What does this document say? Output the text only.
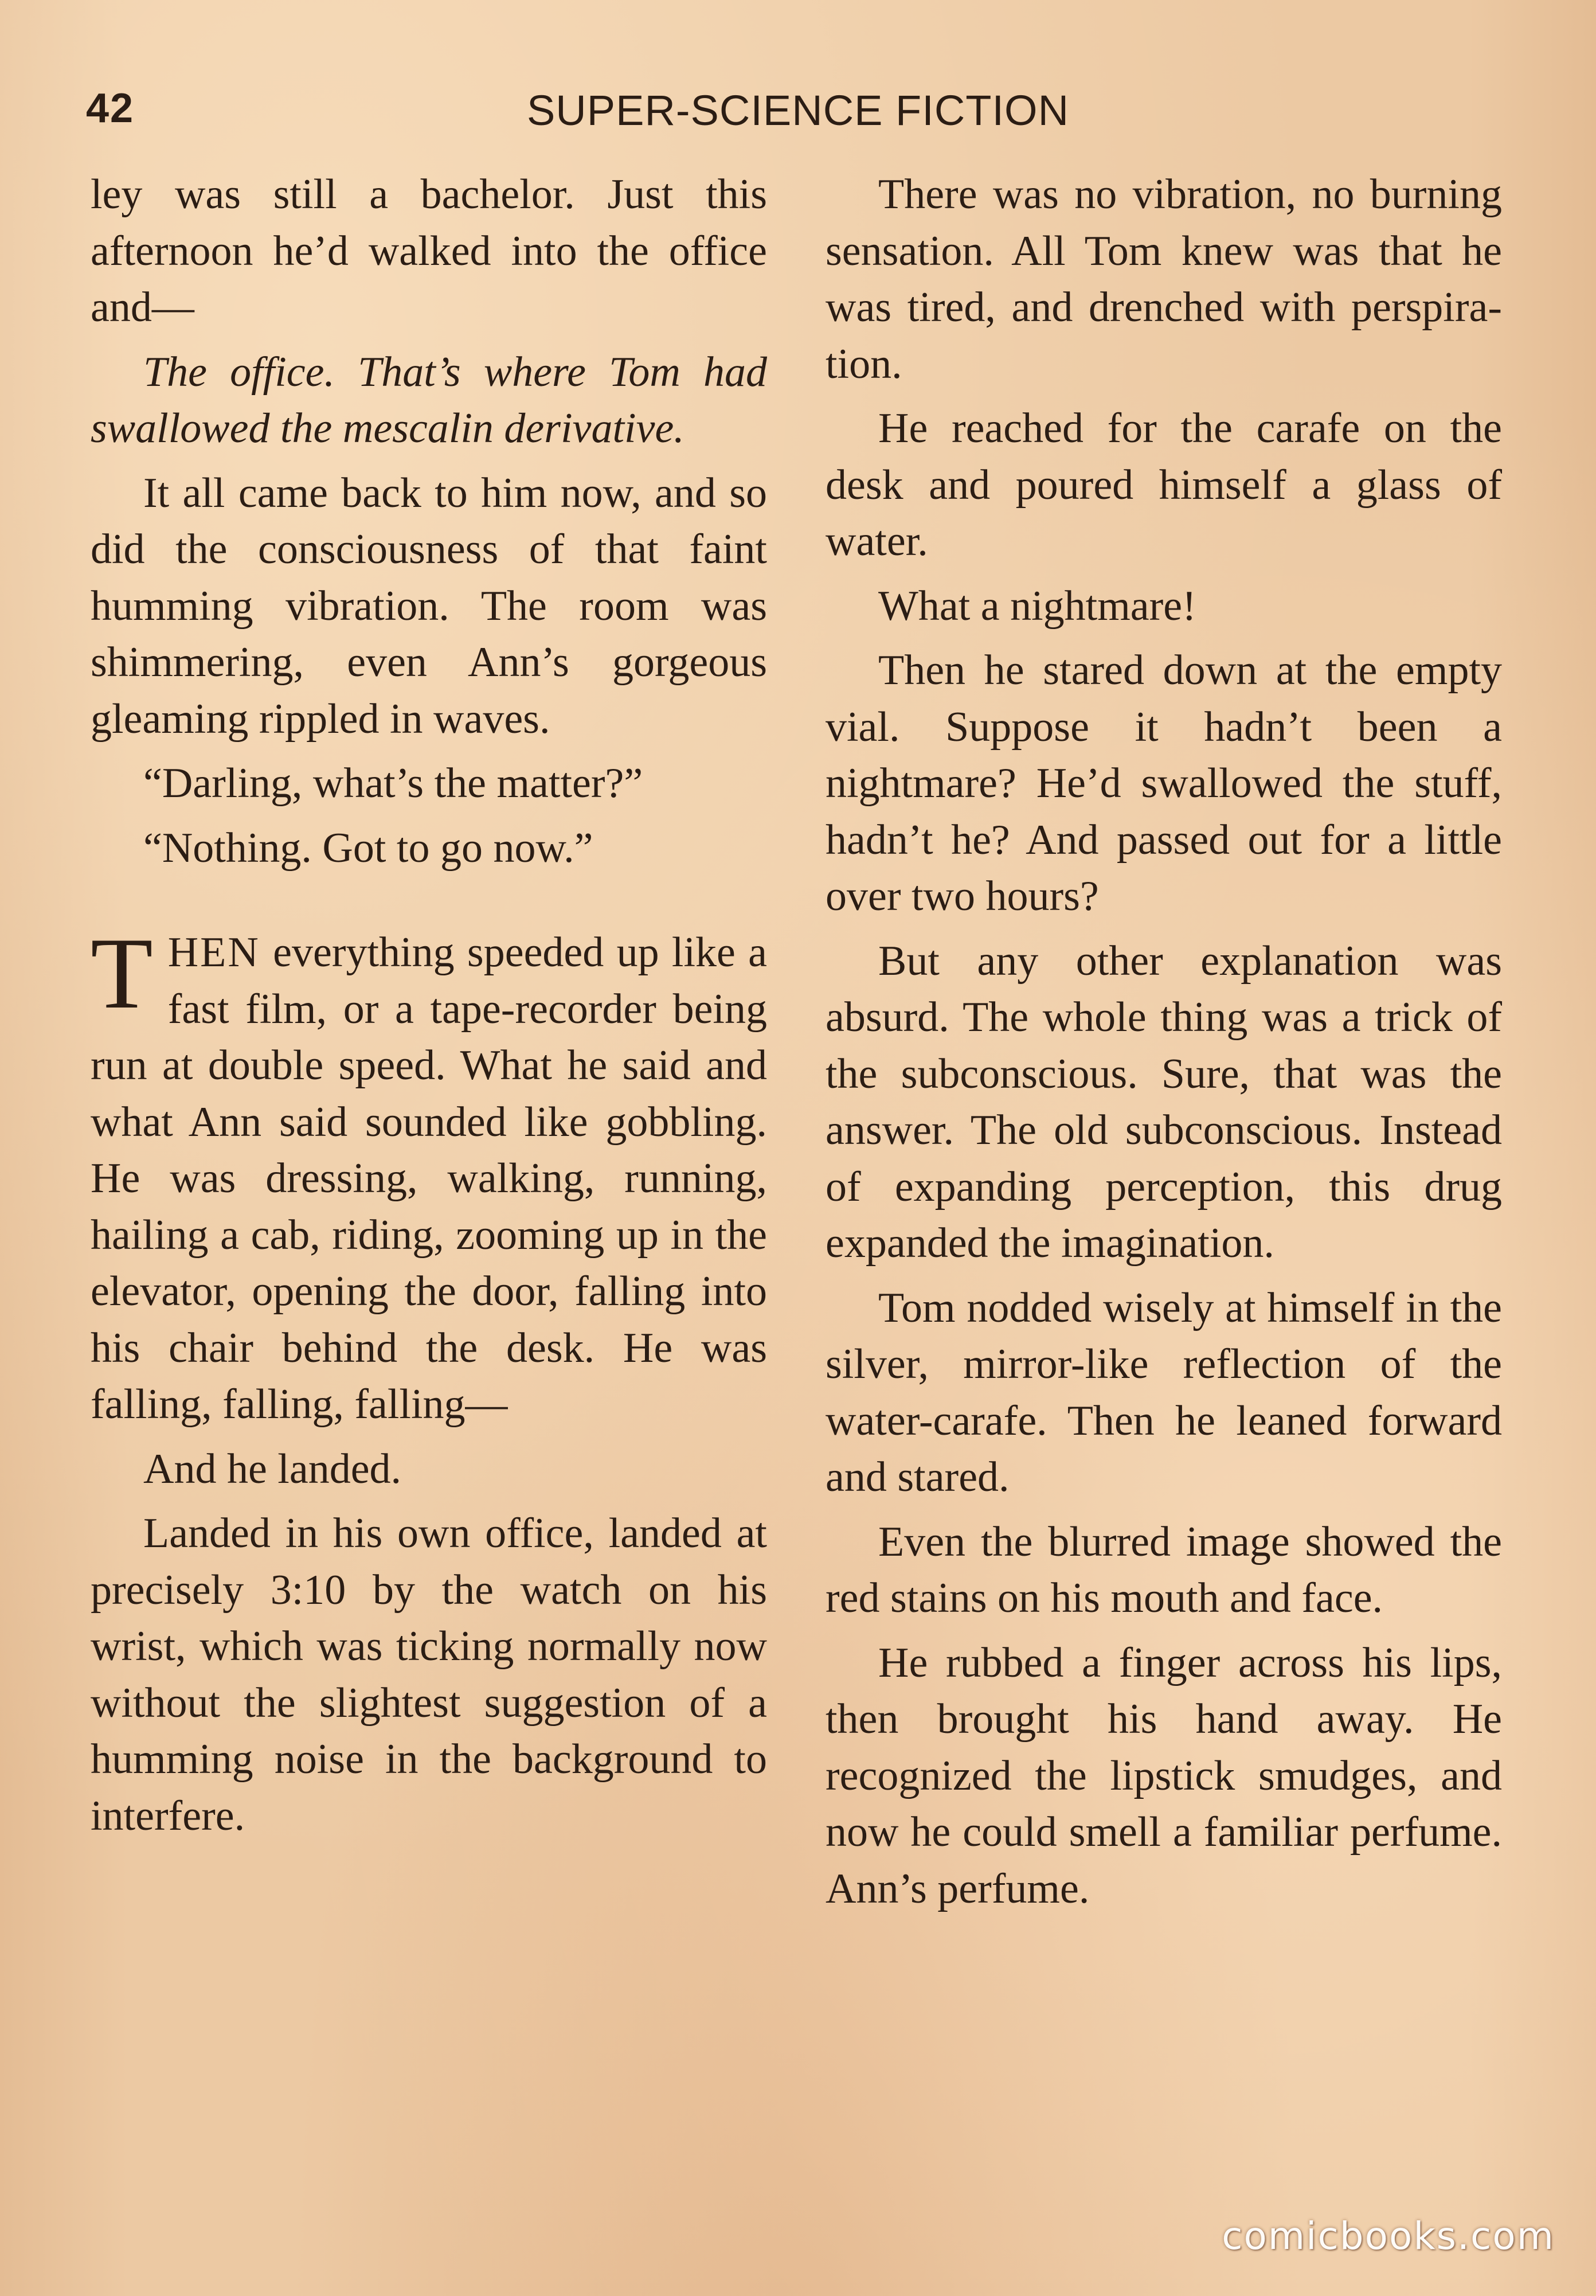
42	SUPER-SCIENCE FICTION

ley was still a bachelor. Just this afternoon he’d walked into the office and—

The office. That’s where Tom had swallowed the mescalin derivative.

It all came back to him now, and so did the consciousness of that faint humming vibration. The room was shimmering, even Ann’s gorgeous gleaming rippled in waves.

“Darling, what’s the matter?”

“Nothing. Got to go now.”

THEN everything speeded up like a fast film, or a tape-recorder being run at double speed. What he said and what Ann said sounded like gobbling. He was dressing, walking, running, hailing a cab, riding, zooming up in the elevator, opening the door, falling into his chair behind the desk. He was falling, falling, falling—

And he landed.

Landed in his own office, landed at precisely 3:10 by the watch on his wrist, which was ticking normally now without the slightest suggestion of a humming noise in the background to interfere.

There was no vibration, no burning sensation. All Tom knew was that he was tired, and drenched with perspiration.

He reached for the carafe on the desk and poured himself a glass of water.

What a nightmare!

Then he stared down at the empty vial. Suppose it hadn’t been a nightmare? He’d swallowed the stuff, hadn’t he? And passed out for a little over two hours?

But any other explanation was absurd. The whole thing was a trick of the subconscious. Sure, that was the answer. The old subconscious. Instead of expanding perception, this drug expanded the imagination.

Tom nodded wisely at himself in the silver, mirror-like reflection of the water-carafe. Then he leaned forward and stared.

Even the blurred image showed the red stains on his mouth and face.

He rubbed a finger across his lips, then brought his hand away. He recognized the lipstick smudges, and now he could smell a familiar perfume. Ann’s perfume.

comicbooks.com
